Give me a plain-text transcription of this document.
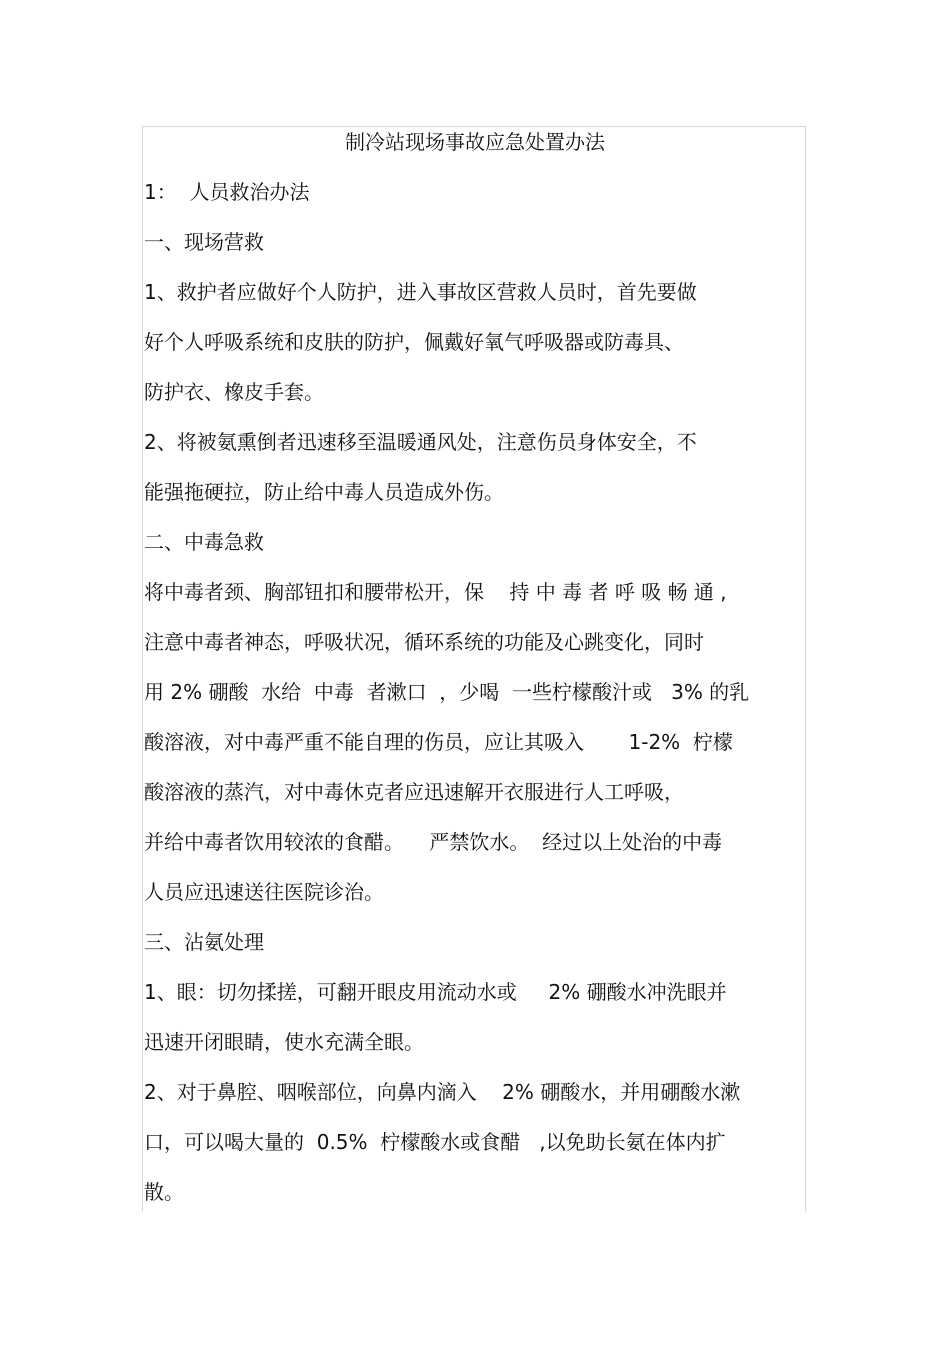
制冷站现场事故应急处置办法
1：  人员救治办法
一、现场营救
1、救护者应做好个人防护，进入事故区营救人员时，首先要做
好个人呼吸系统和皮肤的防护，佩戴好氧气呼吸器或防毒具、
防护衣、橡皮手套。
2、将被氨熏倒者迅速移至温暖通风处，注意伤员身体安全，不
能强拖硬拉，防止给中毒人员造成外伤。
二、中毒急救
将中毒者颈、胸部钮扣和腰带松开，保    持 中 毒 者 呼 吸 畅 通 ,
注意中毒者神态，呼吸状况，循环系统的功能及心跳变化，同时
用 2% 硼酸  水给  中毒  者漱口  ，少喝  一些柠檬酸汁或   3% 的乳
酸溶液，对中毒严重不能自理的伤员，应让其吸入       1-2%  柠檬
酸溶液的蒸汽，对中毒休克者应迅速解开衣服进行人工呼吸，
并给中毒者饮用较浓的食醋。    严禁饮水。  经过以上处治的中毒
人员应迅速送往医院诊治。
三、沾氨处理
1、眼：切勿揉搓，可翻开眼皮用流动水或     2% 硼酸水冲洗眼并
迅速开闭眼睛，使水充满全眼。
2、对于鼻腔、咽喉部位，向鼻内滴入    2% 硼酸水，并用硼酸水漱
口，可以喝大量的  0.5%  柠檬酸水或食醋   ,以免助长氨在体内扩
散。
